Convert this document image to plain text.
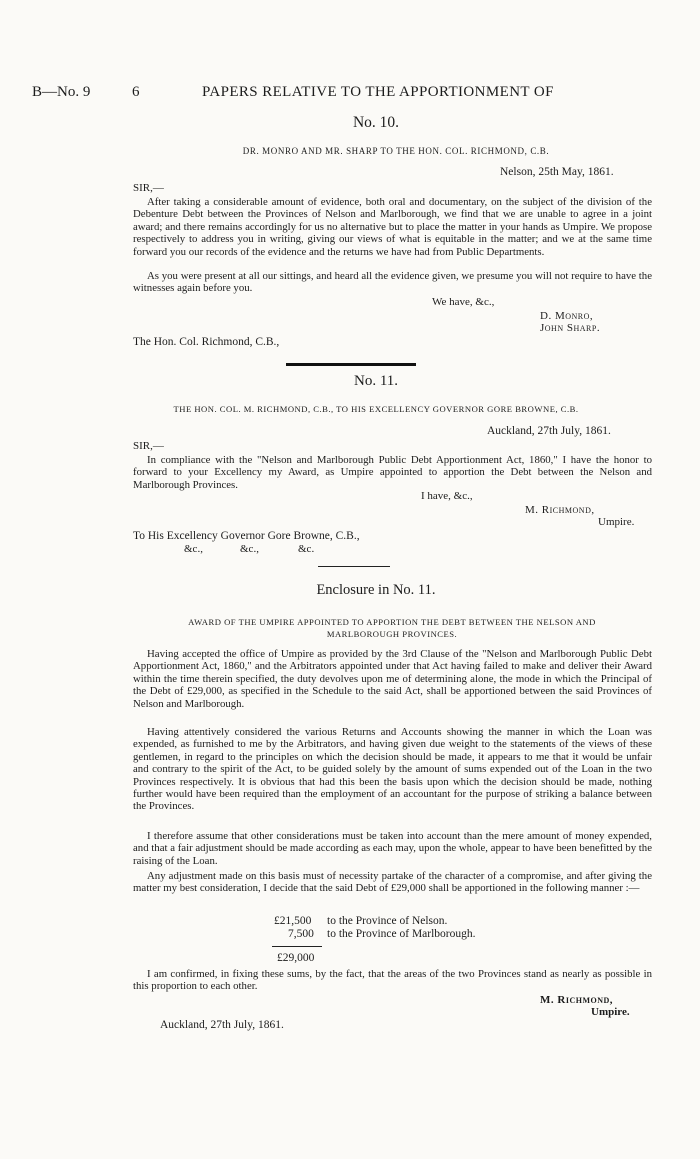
B—No. 9	6	PAPERS RELATIVE TO THE APPORTIONMENT OF
No. 10.
DR. MONRO AND MR. SHARP TO THE HON. COL. RICHMOND, C.B.
Nelson, 25th May, 1861.
SIR,—

After taking a considerable amount of evidence, both oral and documentary, on the subject of the division of the Debenture Debt between the Provinces of Nelson and Marlborough, we find that we are unable to agree in a joint award; and there remains accordingly for us no alternative but to place the matter in your hands as Umpire. We propose respectively to address you in writing, giving our views of what is equitable in the matter; and we at the same time forward you our records of the evidence and the returns we have had from Public Departments.

As you were present at all our sittings, and heard all the evidence given, we presume you will not require to have the witnesses again before you.

We have, &c.,
D. Monro,
John Sharp.
The Hon. Col. Richmond, C.B.,
No. 11.
THE HON. COL. M. RICHMOND, C.B., TO HIS EXCELLENCY GOVERNOR GORE BROWNE, C.B.
Auckland, 27th July, 1861.
SIR,—

In compliance with the "Nelson and Marlborough Public Debt Apportionment Act, 1860," I have the honor to forward to your Excellency my Award, as Umpire appointed to apportion the Debt between the Nelson and Marlborough Provinces.

I have, &c.,
M. Richmond,
Umpire.
To His Excellency Governor Gore Browne, C.B.,
&c.,	&c.,	&c.
Enclosure in No. 11.
AWARD OF THE UMPIRE APPOINTED TO APPORTION THE DEBT BETWEEN THE NELSON AND
MARLBOROUGH PROVINCES.

Having accepted the office of Umpire as provided by the 3rd Clause of the "Nelson and Marlborough Public Debt Apportionment Act, 1860," and the Arbitrators appointed under that Act having failed to make and deliver their Award within the time therein specified, the duty devolves upon me of determining alone, the mode in which the Principal of the Debt of £29,000, as specified in the Schedule to the said Act, shall be apportioned between the said Provinces of Nelson and Marlborough.

Having attentively considered the various Returns and Accounts showing the manner in which the Loan was expended, as furnished to me by the Arbitrators, and having given due weight to the statements of the views of these gentlemen, in regard to the principles on which the decision should be made, it appears to me that it would be unfair and contrary to the spirit of the Act, to be guided solely by the amount of sums expended out of the Loan in the two Provinces respectively. It is obvious that had this been the basis upon which the decision should be made, nothing further would have been required than the employment of an accountant for the purpose of striking a balance between the Provinces.

I therefore assume that other considerations must be taken into account than the mere amount of money expended, and that a fair adjustment should be made according as each may, upon the whole, appear to have been benefitted by the raising of the Loan.

Any adjustment made on this basis must of necessity partake of the character of a compromise, and after giving the matter my best consideration, I decide that the said Debt of £29,000 shall be apportioned in the following manner :—

£21,500 to the Province of Nelson.
7,500 to the Province of Marlborough.
£29,000

I am confirmed, in fixing these sums, by the fact, that the areas of the two Provinces stand as nearly as possible in this proportion to each other.

M. Richmond,
Umpire.
Auckland, 27th July, 1861.
